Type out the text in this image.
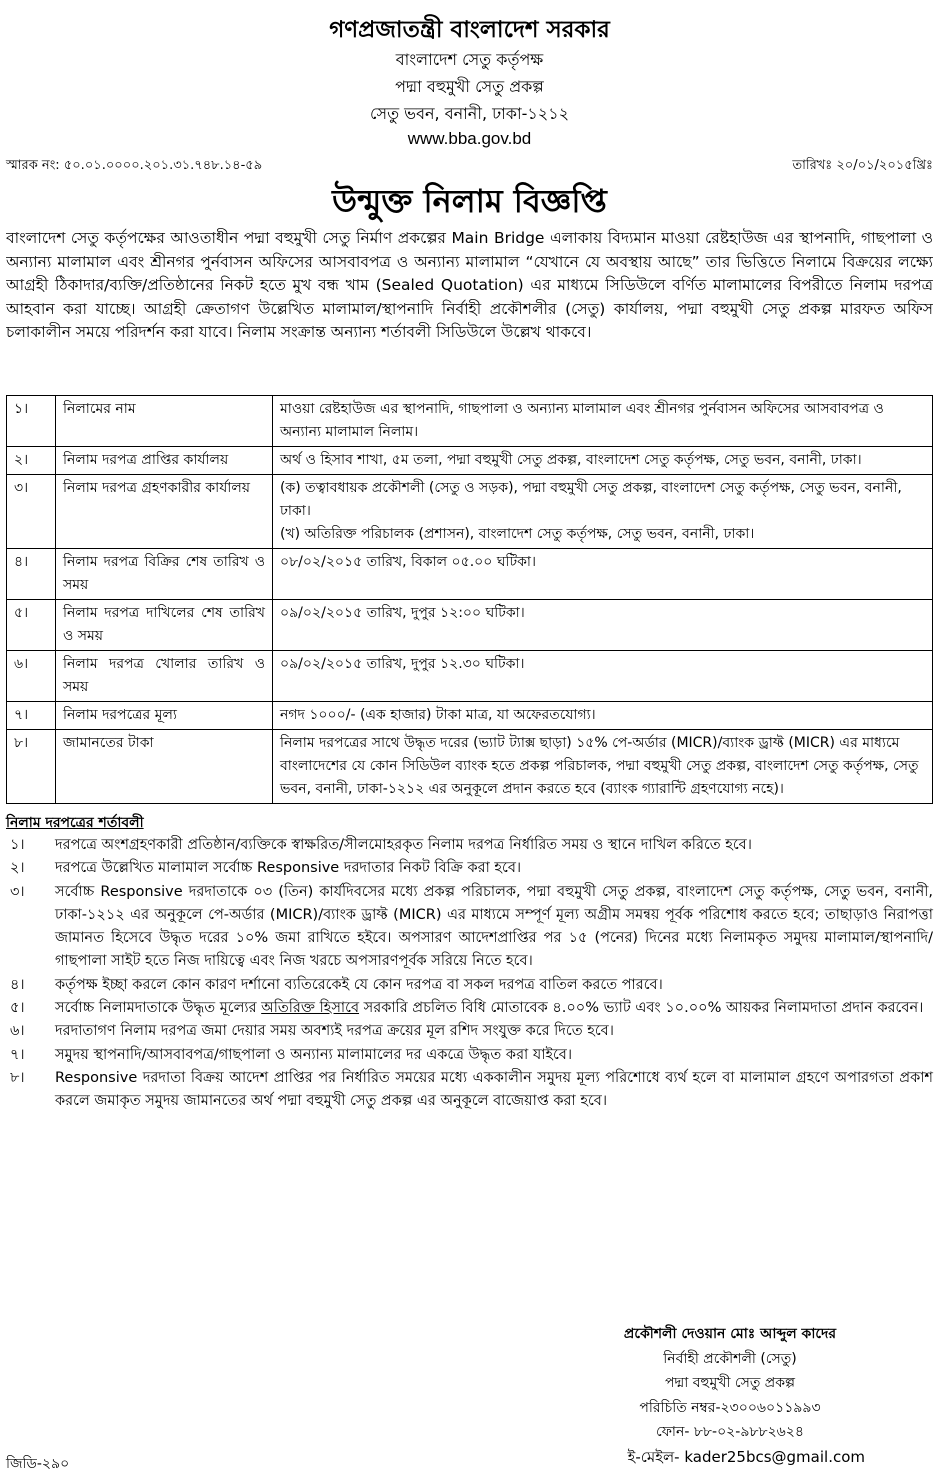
গণপ্রজাতন্ত্রী বাংলাদেশ সরকার
বাংলাদেশ সেতু কর্তৃপক্ষ
পদ্মা বহুমুখী সেতু প্রকল্প
সেতু ভবন, বনানী, ঢাকা-১২১২
www.bba.gov.bd
স্মারক নং: ৫০.০১.০০০০.২০১.৩১.৭৪৮.১৪-৫৯	তারিখঃ ২০/০১/২০১৫খ্রিঃ
উন্মুক্ত নিলাম বিজ্ঞপ্তি
বাংলাদেশ সেতু কর্তৃপক্ষের আওতাধীন পদ্মা বহুমুখী সেতু নির্মাণ প্রকল্পের Main Bridge এলাকায় বিদ্যমান মাওয়া রেষ্টহাউজ এর স্থাপনাদি, গাছপালা ও অন্যান্য মালামাল এবং শ্রীনগর পুর্নবাসন অফিসের আসবাবপত্র ও অন্যান্য মালামাল “যেখানে যে অবস্থায় আছে” তার ভিত্তিতে নিলামে বিক্রয়ের লক্ষ্যে আগ্রহী ঠিকাদার/ব্যক্তি/প্রতিষ্ঠানের নিকট হতে মুখ বন্ধ খাম (Sealed Quotation) এর মাধ্যমে সিডিউলে বর্ণিত মালামালের বিপরীতে নিলাম দরপত্র আহবান করা যাচ্ছে। আগ্রহী ক্রেতাগণ উল্লেখিত মালামাল/স্থাপনাদি নির্বাহী প্রকৌশলীর (সেতু) কার্যালয়, পদ্মা বহুমুখী সেতু প্রকল্প মারফত অফিস চলাকালীন সময়ে পরিদর্শন করা যাবে। নিলাম সংক্রান্ত অন্যান্য শর্তাবলী সিডিউলে উল্লেখ থাকবে।
১।	নিলামের নাম	মাওয়া রেষ্টহাউজ এর স্থাপনাদি, গাছপালা ও অন্যান্য মালামাল এবং শ্রীনগর পুর্নবাসন অফিসের আসবাবপত্র ও অন্যান্য মালামাল নিলাম।

২।	নিলাম দরপত্র প্রাপ্তির কার্যালয়	অর্থ ও হিসাব শাখা, ৫ম তলা, পদ্মা বহুমুখী সেতু প্রকল্প, বাংলাদেশ সেতু কর্তৃপক্ষ, সেতু ভবন, বনানী, ঢাকা।

৩।	নিলাম দরপত্র গ্রহণকারীর কার্যালয়	(ক) তত্বাবধায়ক প্রকৌশলী (সেতু ও সড়ক), পদ্মা বহুমুখী সেতু প্রকল্প, বাংলাদেশ সেতু কর্তৃপক্ষ, সেতু ভবন, বনানী, ঢাকা।

(খ) অতিরিক্ত পরিচালক (প্রশাসন), বাংলাদেশ সেতু কর্তৃপক্ষ, সেতু ভবন, বনানী, ঢাকা।

৪।	নিলাম দরপত্র বিক্রির শেষ তারিখ ও সময়	০৮/০২/২০১৫ তারিখ, বিকাল ০৫.০০ ঘটিকা।

৫।	নিলাম দরপত্র দাখিলের শেষ তারিখ ও সময়	০৯/০২/২০১৫ তারিখ, দুপুর ১২:০০ ঘটিকা।

৬।	নিলাম দরপত্র খোলার তারিখ ও সময়	০৯/০২/২০১৫ তারিখ, দুপুর ১২.৩০ ঘটিকা।

৭।	নিলাম দরপত্রের মূল্য	নগদ ১০০০/- (এক হাজার) টাকা মাত্র, যা অফেরতযোগ্য।

৮।	জামানতের টাকা	নিলাম দরপত্রের সাথে উদ্ধৃত দরের (ভ্যাট ট্যাক্স ছাড়া) ১৫% পে-অর্ডার (MICR)/ব্যাংক ড্রাফ্ট (MICR) এর মাধ্যমে বাংলাদেশের যে কোন সিডিউল ব্যাংক হতে প্রকল্প পরিচালক, পদ্মা বহুমুখী সেতু প্রকল্প, বাংলাদেশ সেতু কর্তৃপক্ষ, সেতু ভবন, বনানী, ঢাকা-১২১২ এর অনুকূলে প্রদান করতে হবে (ব্যাংক গ্যারান্টি গ্রহণযোগ্য নহে)।

নিলাম দরপত্রের শর্তাবলী
১।	দরপত্রে অংশগ্রহণকারী প্রতিষ্ঠান/ব্যক্তিকে স্বাক্ষরিত/সীলমোহরকৃত নিলাম দরপত্র নির্ধারিত সময় ও স্থানে দাখিল করিতে হবে।
২।	দরপত্রে উল্লেখিত মালামাল সর্বোচ্চ Responsive দরদাতার নিকট বিক্রি করা হবে।
৩।	সর্বোচ্চ Responsive দরদাতাকে ০৩ (তিন) কার্যদিবসের মধ্যে প্রকল্প পরিচালক, পদ্মা বহুমুখী সেতু প্রকল্প, বাংলাদেশ সেতু কর্তৃপক্ষ, সেতু ভবন, বনানী, ঢাকা-১২১২ এর অনুকূলে পে-অর্ডার (MICR)/ব্যাংক ড্রাফ্ট (MICR) এর মাধ্যমে সম্পূর্ণ মূল্য অগ্রীম সমন্বয় পূর্বক পরিশোধ করতে হবে; তাছাড়াও নিরাপত্তা জামানত হিসেবে উদ্ধৃত দরের ১০% জমা রাখিতে হইবে। অপসারণ আদেশপ্রাপ্তির পর ১৫ (পনের) দিনের মধ্যে নিলামকৃত সমুদয় মালামাল/স্থাপনাদি/গাছপালা সাইট হতে নিজ দায়িত্বে এবং নিজ খরচে অপসারণপূর্বক সরিয়ে নিতে হবে।
৪।	কর্তৃপক্ষ ইচ্ছা করলে কোন কারণ দর্শানো ব্যতিরেকেই যে কোন দরপত্র বা সকল দরপত্র বাতিল করতে পারবে।
৫।	সর্বোচ্চ নিলামদাতাকে উদ্ধৃত মূল্যের অতিরিক্ত হিসাবে সরকারি প্রচলিত বিধি মোতাবেক ৪.০০% ভ্যাট এবং ১০.০০% আয়কর নিলামদাতা প্রদান করবেন।
৬।	দরদাতাগণ নিলাম দরপত্র জমা দেয়ার সময় অবশ্যই দরপত্র ক্রয়ের মূল রশিদ সংযুক্ত করে দিতে হবে।
৭।	সমুদয় স্থাপনাদি/আসবাবপত্র/গাছপালা ও অন্যান্য মালামালের দর একত্রে উদ্ধৃত করা যাইবে।
৮।	Responsive দরদাতা বিক্রয় আদেশ প্রাপ্তির পর নির্ধারিত সময়ের মধ্যে এককালীন সমুদয় মূল্য পরিশোধে ব্যর্থ হলে বা মালামাল গ্রহণে অপারগতা প্রকাশ করলে জমাকৃত সমুদয় জামানতের অর্থ পদ্মা বহুমুখী সেতু প্রকল্প এর অনুকূলে বাজেয়াপ্ত করা হবে।
প্রকৌশলী দেওয়ান মোঃ আব্দুল কাদের
নির্বাহী প্রকৌশলী (সেতু)
পদ্মা বহুমুখী সেতু প্রকল্প
পরিচিতি নম্বর-২৩০০৬০১১৯৯৩
ফোন- ৮৮-০২-৯৮৮২৬২৪
ই-মেইল- kader25bcs@gmail.com
জিডি-২৯০
